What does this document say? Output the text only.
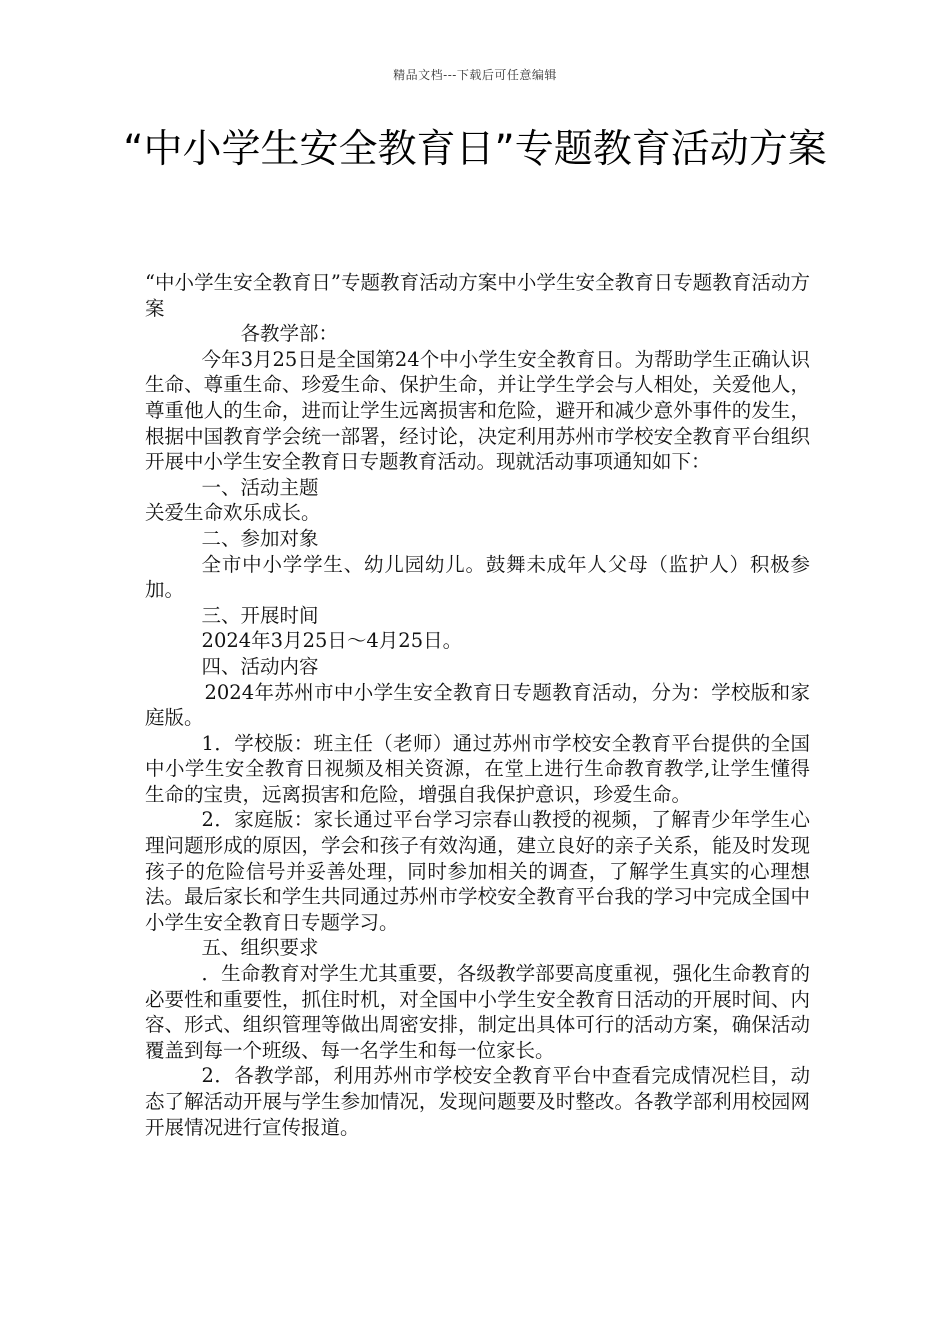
精品文档---下载后可任意编辑
“中小学生安全教育日”专题教育活动方案

“中小学生安全教育日”专题教育活动方案中小学生安全教育日专题教育活动方案

各教学部：

今年3月25日是全国第24个中小学生安全教育日。为帮助学生正确认识生命、尊重生命、珍爱生命、保护生命，并让学生学会与人相处，关爱他人，尊重他人的生命，进而让学生远离损害和危险，避开和减少意外事件的发生，根据中国教育学会统一部署，经讨论，决定利用苏州市学校安全教育平台组织开展中小学生安全教育日专题教育活动。现就活动事项通知如下：

一、活动主题

关爱生命欢乐成长。

二、参加对象

全市中小学学生、幼儿园幼儿。鼓舞未成年人父母（监护人）积极参加。

三、开展时间

2024年3月25日～4月25日。

四、活动内容

2024年苏州市中小学生安全教育日专题教育活动，分为：学校版和家庭版。

1．学校版：班主任（老师）通过苏州市学校安全教育平台提供的全国中小学生安全教育日视频及相关资源，在堂上进行生命教育教学,让学生懂得生命的宝贵，远离损害和危险，增强自我保护意识，珍爱生命。

2．家庭版：家长通过平台学习宗春山教授的视频，了解青少年学生心理问题形成的原因，学会和孩子有效沟通，建立良好的亲子关系，能及时发现孩子的危险信号并妥善处理，同时参加相关的调查，了解学生真实的心理想法。最后家长和学生共同通过苏州市学校安全教育平台我的学习中完成全国中小学生安全教育日专题学习。

五、组织要求

．生命教育对学生尤其重要，各级教学部要高度重视，强化生命教育的必要性和重要性，抓住时机，对全国中小学生安全教育日活动的开展时间、内容、形式、组织管理等做出周密安排，制定出具体可行的活动方案，确保活动覆盖到每一个班级、每一名学生和每一位家长。

2．各教学部，利用苏州市学校安全教育平台中查看完成情况栏目，动态了解活动开展与学生参加情况，发现问题要及时整改。各教学部利用校园网开展情况进行宣传报道。
